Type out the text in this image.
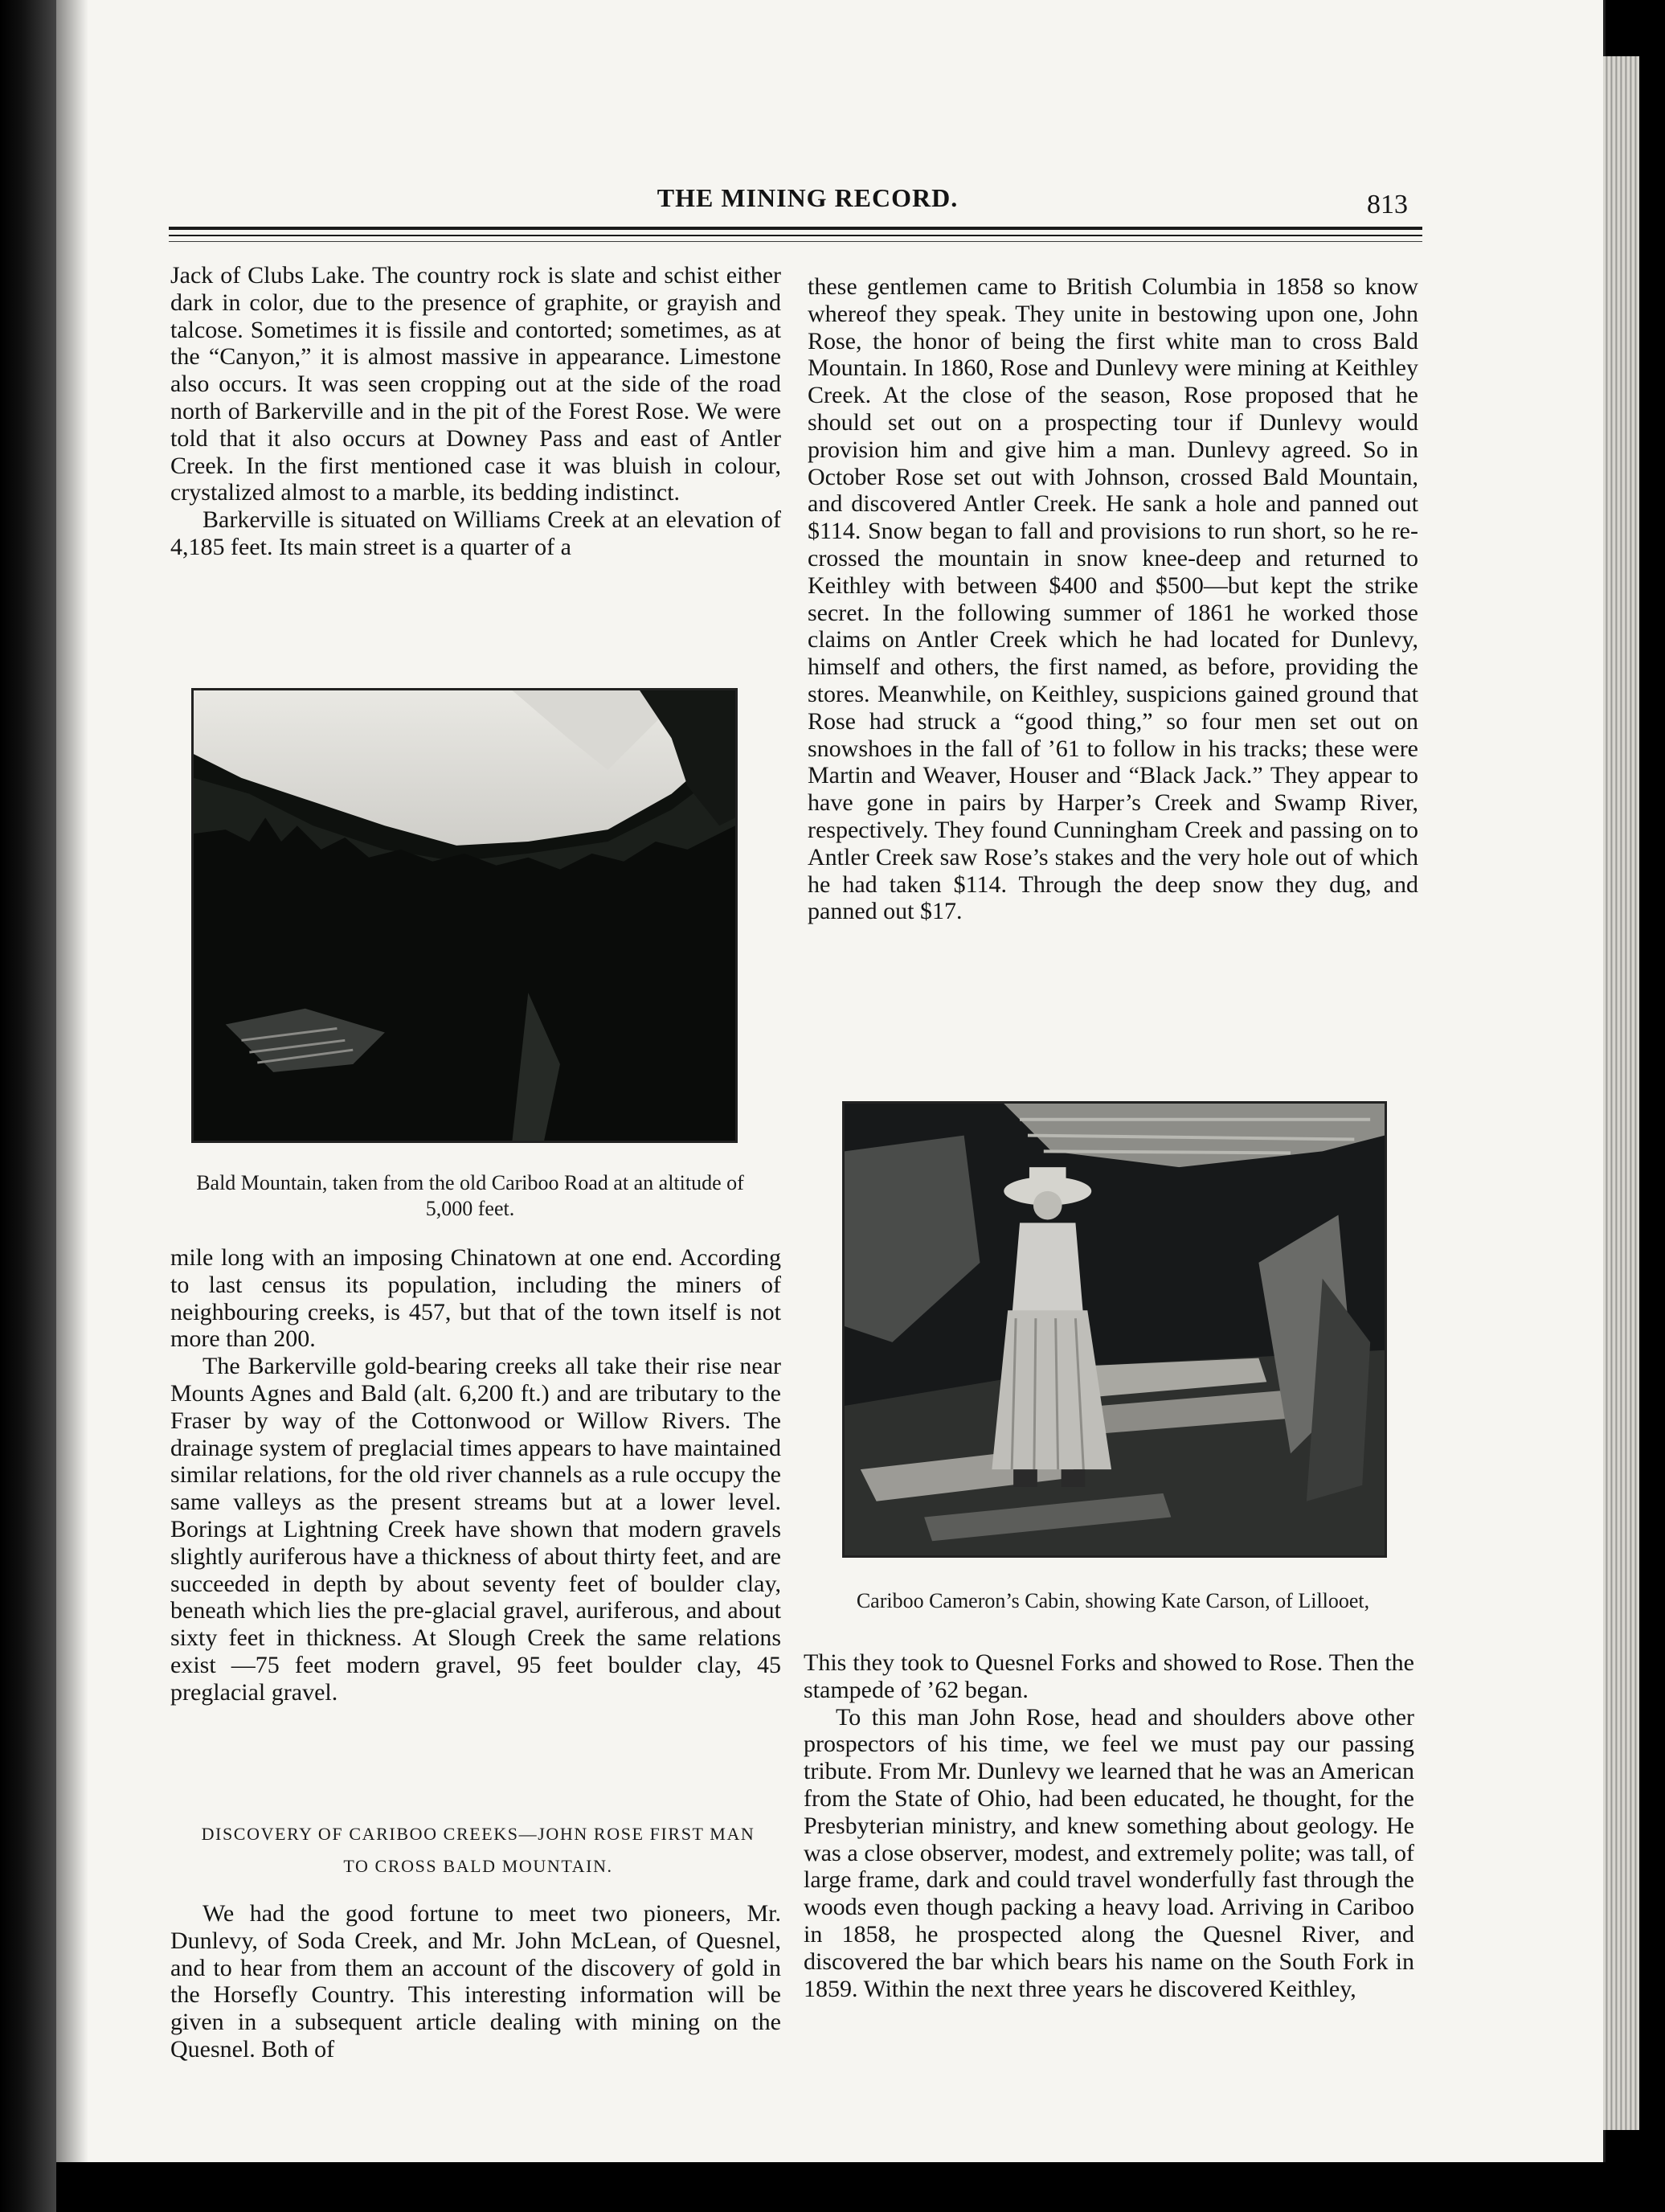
THE MINING RECORD.	813

Jack of Clubs Lake. The country rock is slate and schist either dark in color, due to the presence of graphite, or grayish and talcose. Sometimes it is fissile and contorted; sometimes, as at the “Canyon,” it is almost massive in appearance. Limestone also occurs. It was seen cropping out at the side of the road north of Barkerville and in the pit of the Forest Rose. We were told that it also occurs at Downey Pass and east of Antler Creek. In the first mentioned case it was bluish in colour, crystalized almost to a marble, its bedding indistinct.

Barkerville is situated on Williams Creek at an elevation of 4,185 feet. Its main street is a quarter of a

Bald Mountain, taken from the old Cariboo Road at an altitude of 5,000 feet.

mile long with an imposing Chinatown at one end. According to last census its population, including the miners of neighbouring creeks, is 457, but that of the town itself is not more than 200.

The Barkerville gold-bearing creeks all take their rise near Mounts Agnes and Bald (alt. 6,200 ft.) and are tributary to the Fraser by way of the Cottonwood or Willow Rivers. The drainage system of preglacial times appears to have maintained similar relations, for the old river channels as a rule occupy the same valleys as the present streams but at a lower level. Borings at Lightning Creek have shown that modern gravels slightly auriferous have a thickness of about thirty feet, and are succeeded in depth by about seventy feet of boulder clay, beneath which lies the pre-glacial gravel, auriferous, and about sixty feet in thickness. At Slough Creek the same relations exist —75 feet modern gravel, 95 feet boulder clay, 45 preglacial gravel.

DISCOVERY OF CARIBOO CREEKS—JOHN ROSE FIRST MAN
TO CROSS BALD MOUNTAIN.

We had the good fortune to meet two pioneers, Mr. Dunlevy, of Soda Creek, and Mr. John McLean, of Quesnel, and to hear from them an account of the discovery of gold in the Horsefly Country. This interesting information will be given in a subsequent article dealing with mining on the Quesnel. Both of

these gentlemen came to British Columbia in 1858 so know whereof they speak. They unite in bestowing upon one, John Rose, the honor of being the first white man to cross Bald Mountain. In 1860, Rose and Dunlevy were mining at Keithley Creek. At the close of the season, Rose proposed that he should set out on a prospecting tour if Dunlevy would provision him and give him a man. Dunlevy agreed. So in October Rose set out with Johnson, crossed Bald Mountain, and discovered Antler Creek. He sank a hole and panned out $114. Snow began to fall and provisions to run short, so he re-crossed the mountain in snow knee-deep and returned to Keithley with between $400 and $500—but kept the strike secret. In the following summer of 1861 he worked those claims on Antler Creek which he had located for Dunlevy, himself and others, the first named, as before, providing the stores. Meanwhile, on Keithley, suspicions gained ground that Rose had struck a “good thing,” so four men set out on snowshoes in the fall of ’61 to follow in his tracks; these were Martin and Weaver, Houser and “Black Jack.” They appear to have gone in pairs by Harper’s Creek and Swamp River, respectively. They found Cunningham Creek and passing on to Antler Creek saw Rose’s stakes and the very hole out of which he had taken $114. Through the deep snow they dug, and panned out $17.

Cariboo Cameron’s Cabin, showing Kate Carson, of Lillooet,

This they took to Quesnel Forks and showed to Rose. Then the stampede of ’62 began.

To this man John Rose, head and shoulders above other prospectors of his time, we feel we must pay our passing tribute. From Mr. Dunlevy we learned that he was an American from the State of Ohio, had been educated, he thought, for the Presbyterian ministry, and knew something about geology. He was a close observer, modest, and extremely polite; was tall, of large frame, dark and could travel wonderfully fast through the woods even though packing a heavy load. Arriving in Cariboo in 1858, he prospected along the Quesnel River, and discovered the bar which bears his name on the South Fork in 1859. Within the next three years he discovered Keithley,
